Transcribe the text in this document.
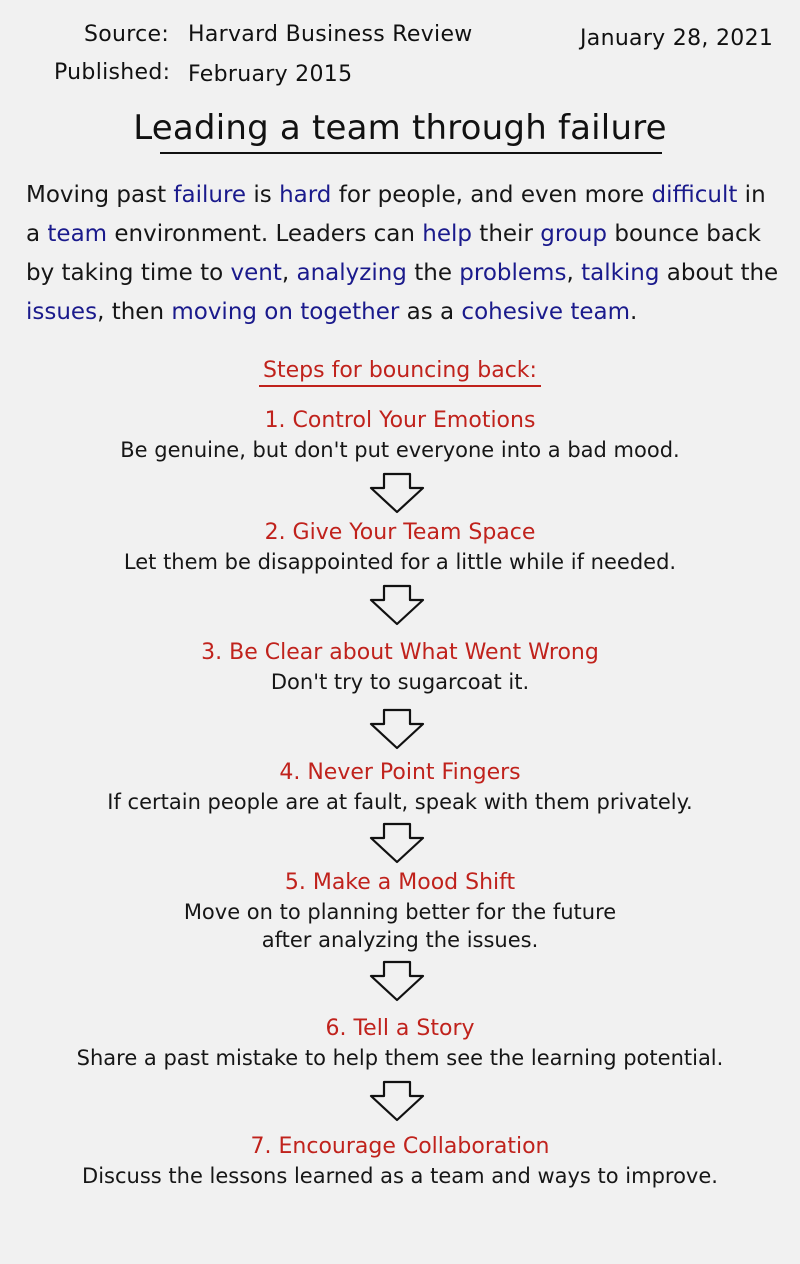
Source: Harvard Business Review
Published: February 2015
January 28, 2021
Leading a team through failure
Moving past failure is hard for people, and even more difficult in a team environment. Leaders can help their group bounce back by taking time to vent, analyzing the problems, talking about the issues, then moving on together as a cohesive team.
Steps for bouncing back:
1. Control Your Emotions
Be genuine, but don't put everyone into a bad mood.
2. Give Your Team Space
Let them be disappointed for a little while if needed.
3. Be Clear about What Went Wrong
Don't try to sugarcoat it.
4. Never Point Fingers
If certain people are at fault, speak with them privately.
5. Make a Mood Shift
Move on to planning better for the future
after analyzing the issues.
6. Tell a Story
Share a past mistake to help them see the learning potential.
7. Encourage Collaboration
Discuss the lessons learned as a team and ways to improve.
